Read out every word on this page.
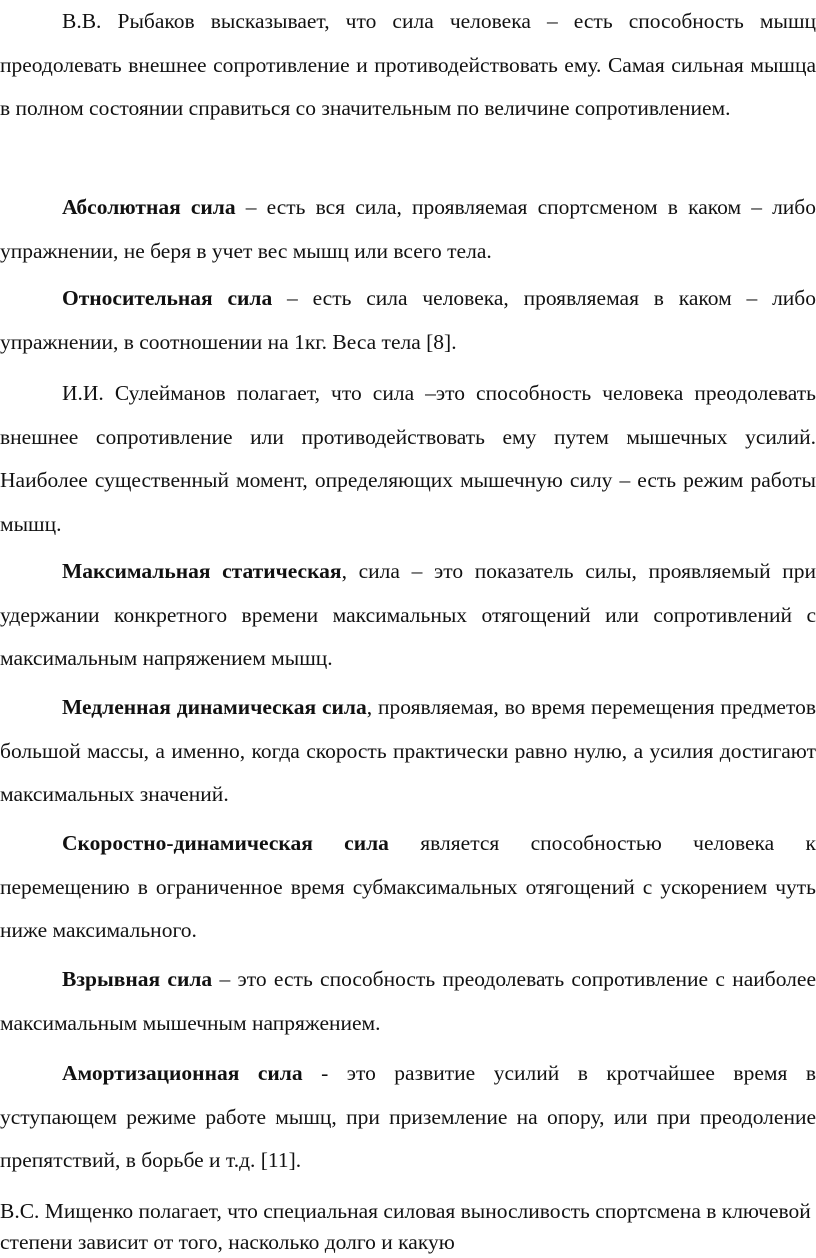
В.В. Рыбаков высказывает, что сила человека – есть способность мышц преодолевать внешнее сопротивление и противодействовать ему. Самая сильная мышца в полном состоянии справиться со значительным по величине сопротивлением.

Абсолютная сила – есть вся сила, проявляемая спортсменом в каком – либо упражнении, не беря в учет вес мышц или всего тела.

Относительная сила – есть сила человека, проявляемая в каком – либо упражнении, в соотношении на 1кг. Веса тела [8].

И.И. Сулейманов полагает, что сила –это способность человека преодолевать внешнее сопротивление или противодействовать ему путем мышечных усилий. Наиболее существенный момент, определяющих мышечную силу – есть режим работы мышц.

Максимальная статическая, сила – это показатель силы, проявляемый при удержании конкретного времени максимальных отягощений или сопротивлений с максимальным напряжением мышц.

Медленная динамическая сила, проявляемая, во время перемещения предметов большой массы, а именно, когда скорость практически равно нулю, а усилия достигают максимальных значений.

Скоростно-динамическая сила является способностью человека к перемещению в ограниченное время субмаксимальных отягощений с ускорением чуть ниже максимального.

Взрывная сила – это есть способность преодолевать сопротивление с наиболее максимальным мышечным напряжением.

Амортизационная сила - это развитие усилий в кротчайшее время в уступающем режиме работе мышц, при приземление на опору, или при преодоление препятствий, в борьбе и т.д. [11].

В.С. Мищенко полагает, что специальная силовая выносливость спортсмена в ключевой степени зависит от того, насколько долго и какую
